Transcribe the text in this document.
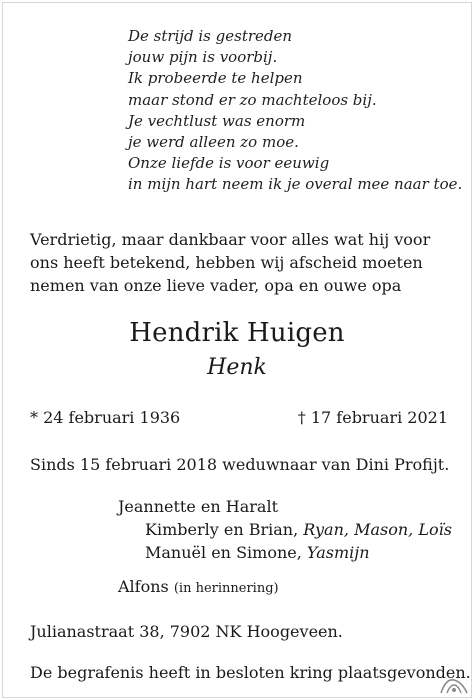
De strijd is gestreden
jouw pijn is voorbij.
Ik probeerde te helpen
maar stond er zo machteloos bij.
Je vechtlust was enorm
je werd alleen zo moe.
Onze liefde is voor eeuwig
in mijn hart neem ik je overal mee naar toe.
Verdrietig, maar dankbaar voor alles wat hij voor
ons heeft betekend, hebben wij afscheid moeten
nemen van onze lieve vader, opa en ouwe opa
Hendrik Huigen
Henk
* 24 februari 1936	† 17 februari 2021
Sinds 15 februari 2018 weduwnaar van Dini Profijt.
Jeannette en Haralt
Kimberly en Brian, Ryan, Mason, Loïs
Manuël en Simone, Yasmijn
Alfons (in herinnering)
Julianastraat 38, 7902 NK Hoogeveen.
De begrafenis heeft in besloten kring plaatsgevonden.
